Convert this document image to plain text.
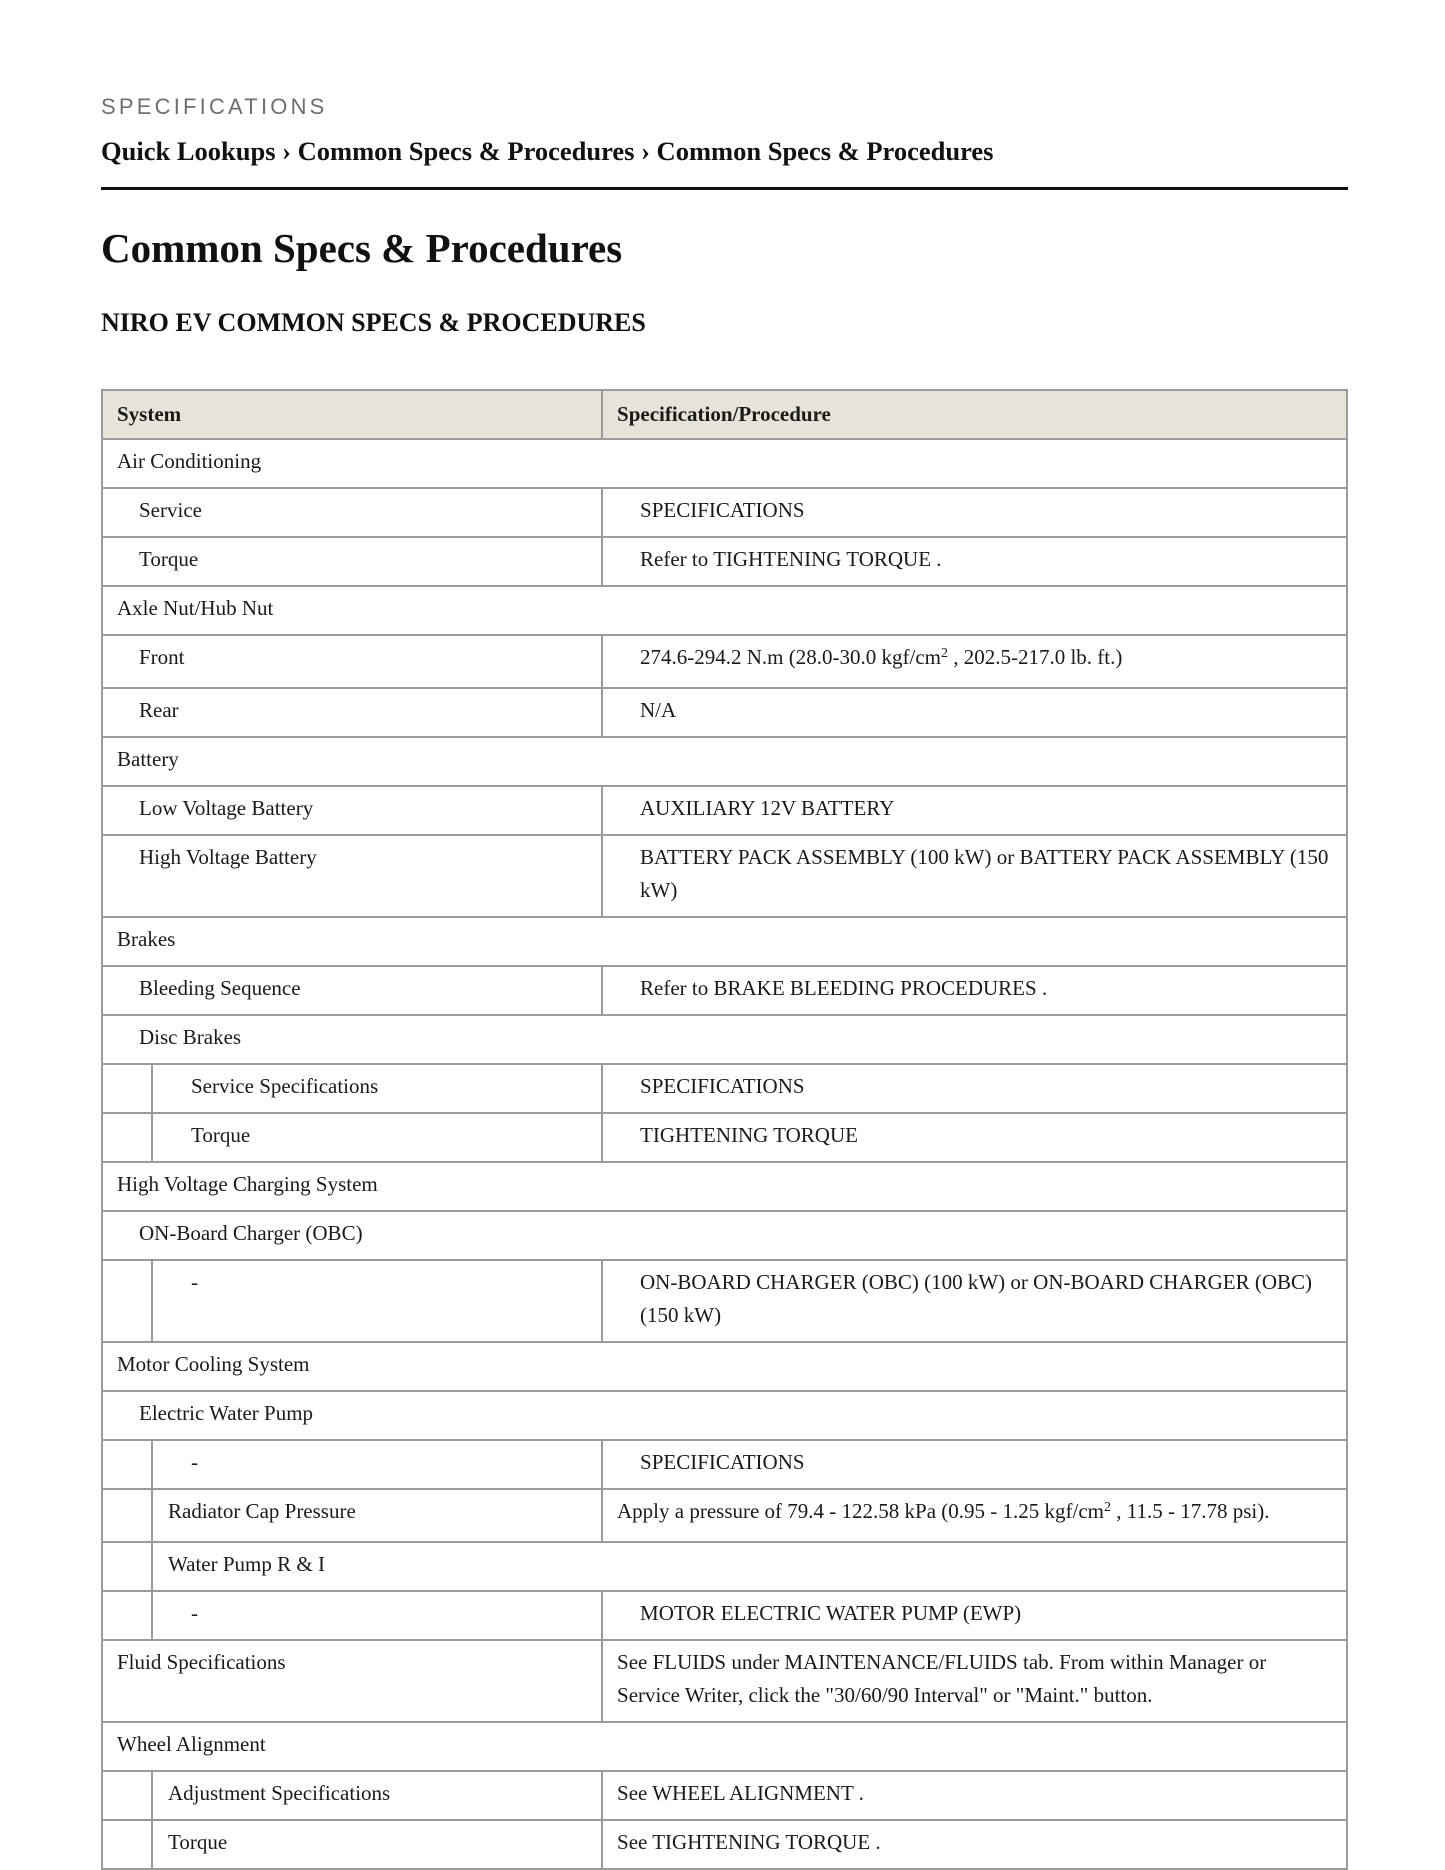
SPECIFICATIONS
Quick Lookups › Common Specs & Procedures › Common Specs & Procedures
Common Specs & Procedures
NIRO EV COMMON SPECS & PROCEDURES
System		Specification/Procedure

Air Conditioning		

Service		SPECIFICATIONS

Torque		Refer to TIGHTENING TORQUE .

Axle Nut/Hub Nut		

Front		274.6-294.2 N.m (28.0-30.0 kgf/$cm^2$ , 202.5-217.0 lb. ft.)

Rear		N/A

Battery		

Low Voltage Battery		AUXILIARY 12V BATTERY

High Voltage Battery		BATTERY PACK ASSEMBLY (100 kW) or BATTERY PACK ASSEMBLY (150 kW)

Brakes		

Bleeding Sequence		Refer to BRAKE BLEEDING PROCEDURES .

Disc Brakes		

	Service Specifications	SPECIFICATIONS

	Torque	TIGHTENING TORQUE

High Voltage Charging System		

ON-Board Charger (OBC)		

	-	ON-BOARD CHARGER (OBC) (100 kW) or ON-BOARD CHARGER (OBC) (150 kW)

Motor Cooling System		

Electric Water Pump		

	-	SPECIFICATIONS

	Radiator Cap Pressure	Apply a pressure of 79.4 - 122.58 kPa (0.95 - 1.25 kgf/$cm^2$ , 11.5 - 17.78 psi).

	Water Pump R & I	

	-	MOTOR ELECTRIC WATER PUMP (EWP)

Fluid Specifications		See FLUIDS under MAINTENANCE/FLUIDS tab. From within Manager or Service Writer, click the "30/60/90 Interval" or "Maint." button.

Wheel Alignment		

	Adjustment Specifications	See WHEEL ALIGNMENT .

	Torque	See TIGHTENING TORQUE .
